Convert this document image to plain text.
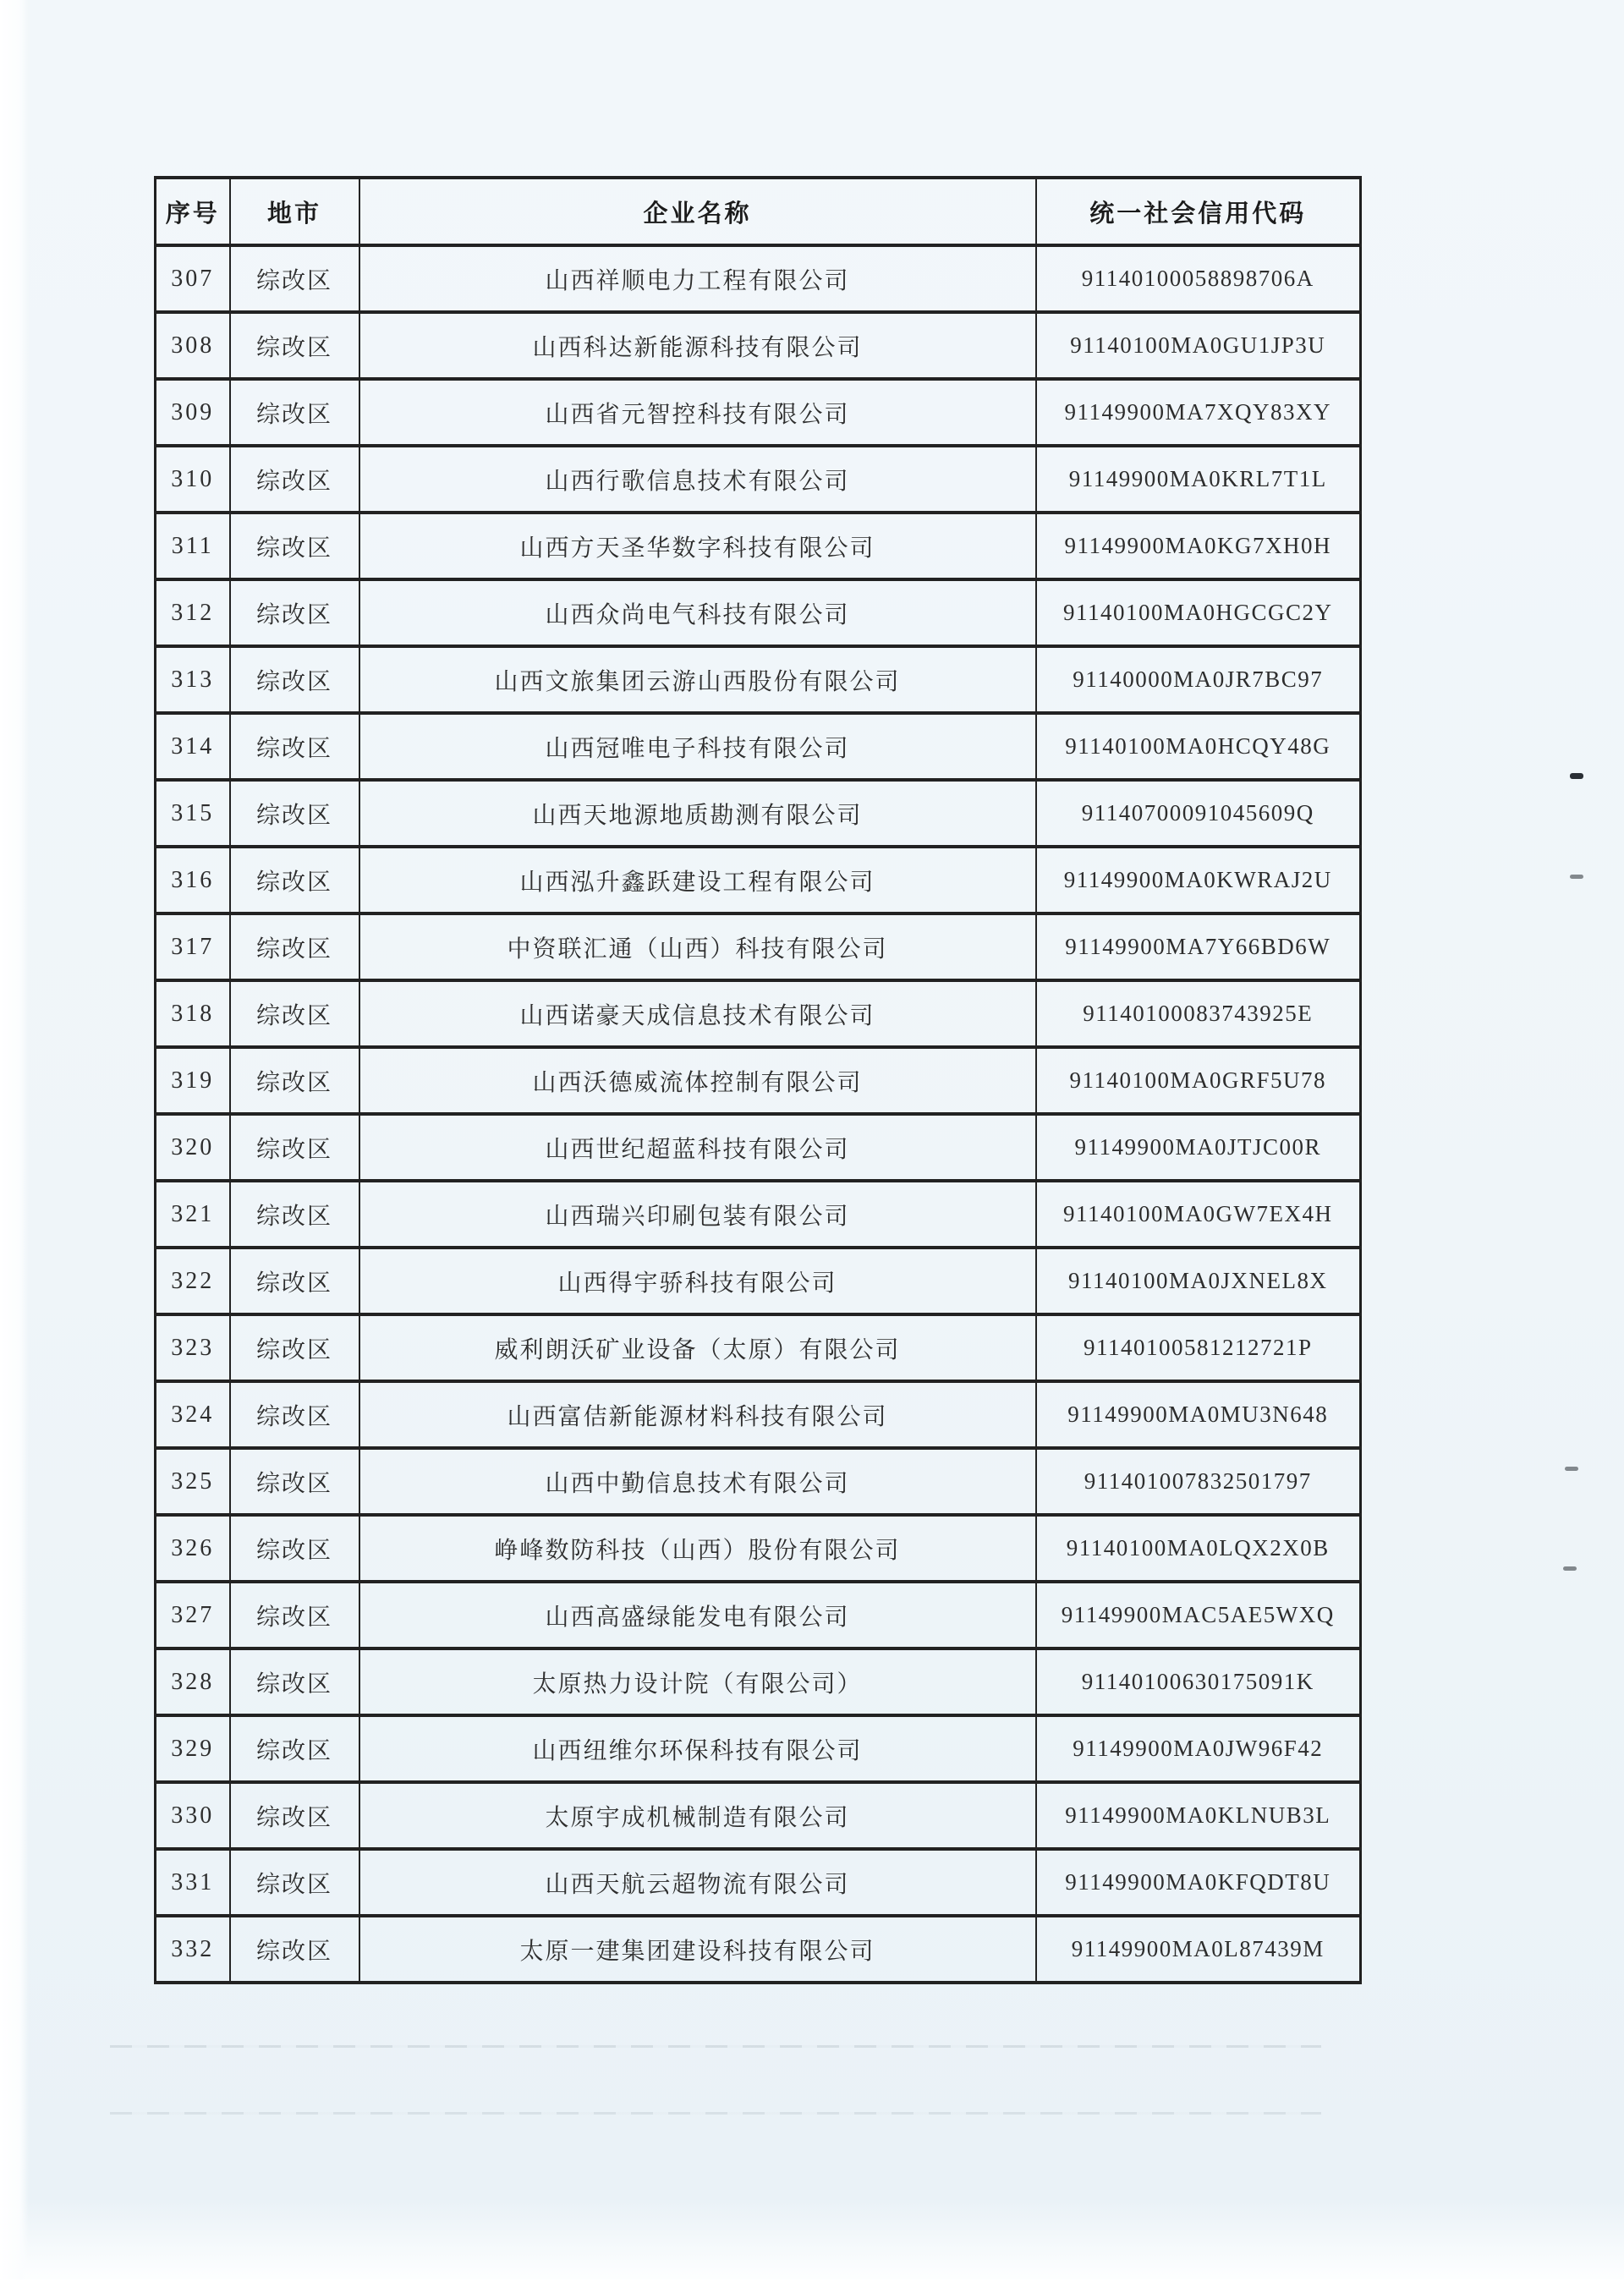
序号	地市	企业名称	统一社会信用代码
307	综改区	山西祥顺电力工程有限公司	91140100058898706A
308	综改区	山西科达新能源科技有限公司	91140100MA0GU1JP3U
309	综改区	山西省元智控科技有限公司	91149900MA7XQY83XY
310	综改区	山西行歌信息技术有限公司	91149900MA0KRL7T1L
311	综改区	山西方天圣华数字科技有限公司	91149900MA0KG7XH0H
312	综改区	山西众尚电气科技有限公司	91140100MA0HGCGC2Y
313	综改区	山西文旅集团云游山西股份有限公司	91140000MA0JR7BC97
314	综改区	山西冠唯电子科技有限公司	91140100MA0HCQY48G
315	综改区	山西天地源地质勘测有限公司	91140700091045609Q
316	综改区	山西泓升鑫跃建设工程有限公司	91149900MA0KWRAJ2U
317	综改区	中资联汇通（山西）科技有限公司	91149900MA7Y66BD6W
318	综改区	山西诺豪天成信息技术有限公司	91140100083743925E
319	综改区	山西沃德威流体控制有限公司	91140100MA0GRF5U78
320	综改区	山西世纪超蓝科技有限公司	91149900MA0JTJC00R
321	综改区	山西瑞兴印刷包装有限公司	91140100MA0GW7EX4H
322	综改区	山西得宇骄科技有限公司	91140100MA0JXNEL8X
323	综改区	威利朗沃矿业设备（太原）有限公司	91140100581212721P
324	综改区	山西富佶新能源材料科技有限公司	91149900MA0MU3N648
325	综改区	山西中勤信息技术有限公司	911401007832501797
326	综改区	峥峰数防科技（山西）股份有限公司	91140100MA0LQX2X0B
327	综改区	山西高盛绿能发电有限公司	91149900MAC5AE5WXQ
328	综改区	太原热力设计院（有限公司）	91140100630175091K
329	综改区	山西纽维尔环保科技有限公司	91149900MA0JW96F42
330	综改区	太原宇成机械制造有限公司	91149900MA0KLNUB3L
331	综改区	山西天航云超物流有限公司	91149900MA0KFQDT8U
332	综改区	太原一建集团建设科技有限公司	91149900MA0L87439M
